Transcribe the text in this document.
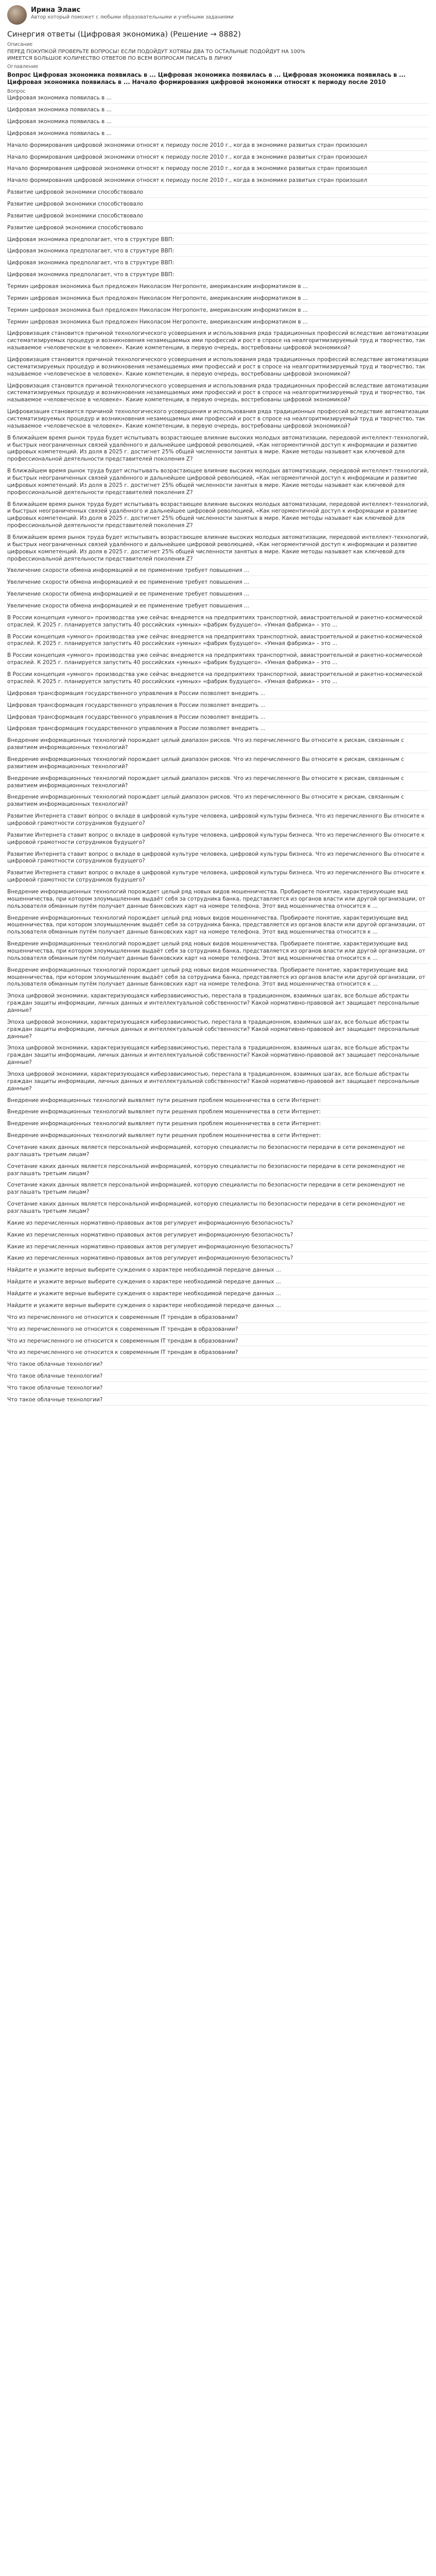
Ирина Элаис
Автор который поможет с любыми образовательными и учебными заданиями
Синергия ответы (Цифровая экономика) (Решение → 8882)
Описание

ПЕРЕД ПОКУПКОЙ ПРОВЕРЬТЕ ВОПРОСЫ! ЕСЛИ ПОДОЙДУТ ХОТЯБЫ ДВА ТО ОСТАЛЬНЫЕ ПОДОЙДУТ НА 100%

ИМЕЕТСЯ БОЛЬШОЕ КОЛИЧЕСТВО ОТВЕТОВ ПО ВСЕМ ВОПРОСАМ ПИСАТЬ В ЛИЧКУ

Оглавление
Вопрос Цифровая экономика появилась в ... Цифровая экономика появилась в ... Цифровая экономика появилась в ... Цифровая экономика появилась в ... Начало формирования цифровой экономики относят к периоду после 2010
Вопрос
Цифровая экономика появилась в ...
Цифровая экономика появилась в ...
Цифровая экономика появилась в ...
Цифровая экономика появилась в ...
Начало формирования цифровой экономики относят к периоду после 2010 г., когда в экономике развитых стран произошел
Начало формирования цифровой экономики относят к периоду после 2010 г., когда в экономике развитых стран произошел
Начало формирования цифровой экономики относят к периоду после 2010 г., когда в экономике развитых стран произошел
Начало формирования цифровой экономики относят к периоду после 2010 г., когда в экономике развитых стран произошел
Развитие цифровой экономики способствовало
Развитие цифровой экономики способствовало
Развитие цифровой экономики способствовало
Развитие цифровой экономики способствовало
Цифровая экономика предполагает, что в структуре ВВП:
Цифровая экономика предполагает, что в структуре ВВП:
Цифровая экономика предполагает, что в структуре ВВП:
Цифровая экономика предполагает, что в структуре ВВП:
Термин цифровая экономика был предложен Николасом Негропонте, американским информатиком в ...
Термин цифровая экономика был предложен Николасом Негропонте, американским информатиком в ...
Термин цифровая экономика был предложен Николасом Негропонте, американским информатиком в ...
Термин цифровая экономика был предложен Николасом Негропонте, американским информатиком в ...
Цифровизация становится причиной технологического усовершения и использования ряда традиционных профессий вследствие автоматизации систематизируемых процедур и возникновения незамещаемых ими профессий и рост в спросе на неалгоритмизируемый труд и творчество, так называемое «человеческое в человеке». Какие компетенции, в первую очередь, востребованы цифровой экономикой?
Цифровизация становится причиной технологического усовершения и использования ряда традиционных профессий вследствие автоматизации систематизируемых процедур и возникновения незамещаемых ими профессий и рост в спросе на неалгоритмизируемый труд и творчество, так называемое «человеческое в человеке». Какие компетенции, в первую очередь, востребованы цифровой экономикой?
Цифровизация становится причиной технологического усовершения и использования ряда традиционных профессий вследствие автоматизации систематизируемых процедур и возникновения незамещаемых ими профессий и рост в спросе на неалгоритмизируемый труд и творчество, так называемое «человеческое в человеке». Какие компетенции, в первую очередь, востребованы цифровой экономикой?
Цифровизация становится причиной технологического усовершения и использования ряда традиционных профессий вследствие автоматизации систематизируемых процедур и возникновения незамещаемых ими профессий и рост в спросе на неалгоритмизируемый труд и творчество, так называемое «человеческое в человеке». Какие компетенции, в первую очередь, востребованы цифровой экономикой?
В ближайшем время рынок труда будет испытывать возрастающее влияние высоких молодых автоматизации, передовой интеллект-технологий, и быстрых неограниченных связей удалённого и дальнейшее цифровой революцией, «Как негорментичной доступ к информации и развитие цифровых компетенций. Из доля в 2025 г. достигнет 25% общей численности занятых в мире. Какие методы называет как ключевой для профессиональной деятельности представителей поколения Z?
В ближайшем время рынок труда будет испытывать возрастающее влияние высоких молодых автоматизации, передовой интеллект-технологий, и быстрых неограниченных связей удалённого и дальнейшее цифровой революцией, «Как негорментичной доступ к информации и развитие цифровых компетенций. Из доля в 2025 г. достигнет 25% общей численности занятых в мире. Какие методы называет как ключевой для профессиональной деятельности представителей поколения Z?
В ближайшем время рынок труда будет испытывать возрастающее влияние высоких молодых автоматизации, передовой интеллект-технологий, и быстрых неограниченных связей удалённого и дальнейшее цифровой революцией, «Как негорментичной доступ к информации и развитие цифровых компетенций. Из доля в 2025 г. достигнет 25% общей численности занятых в мире. Какие методы называет как ключевой для профессиональной деятельности представителей поколения Z?
В ближайшем время рынок труда будет испытывать возрастающее влияние высоких молодых автоматизации, передовой интеллект-технологий, и быстрых неограниченных связей удалённого и дальнейшее цифровой революцией, «Как негорментичной доступ к информации и развитие цифровых компетенций. Из доля в 2025 г. достигнет 25% общей численности занятых в мире. Какие методы называет как ключевой для профессиональной деятельности представителей поколения Z?
Увеличение скорости обмена информацией и ее применение требует повышения ...
Увеличение скорости обмена информацией и ее применение требует повышения ...
Увеличение скорости обмена информацией и ее применение требует повышения ...
Увеличение скорости обмена информацией и ее применение требует повышения ...
В России концепция «умного» производства уже сейчас внедряется на предприятиях транспортной, авиастроительной и ракетно-космической отраслей. К 2025 г. планируется запустить 40 российских «умных» «фабрик будущего». «Умная фабрика» – это ...
В России концепция «умного» производства уже сейчас внедряется на предприятиях транспортной, авиастроительной и ракетно-космической отраслей. К 2025 г. планируется запустить 40 российских «умных» «фабрик будущего». «Умная фабрика» – это ...
В России концепция «умного» производства уже сейчас внедряется на предприятиях транспортной, авиастроительной и ракетно-космической отраслей. К 2025 г. планируется запустить 40 российских «умных» «фабрик будущего». «Умная фабрика» – это ...
В России концепция «умного» производства уже сейчас внедряется на предприятиях транспортной, авиастроительной и ракетно-космической отраслей. К 2025 г. планируется запустить 40 российских «умных» «фабрик будущего». «Умная фабрика» – это ...
Цифровая трансформация государственного управления в России позволяет внедрить ...
Цифровая трансформация государственного управления в России позволяет внедрить ...
Цифровая трансформация государственного управления в России позволяет внедрить ...
Цифровая трансформация государственного управления в России позволяет внедрить ...
Внедрение информационных технологий порождает целый диапазон рисков. Что из перечисленного Вы относите к рискам, связанным с развитием информационных технологий?
Внедрение информационных технологий порождает целый диапазон рисков. Что из перечисленного Вы относите к рискам, связанным с развитием информационных технологий?
Внедрение информационных технологий порождает целый диапазон рисков. Что из перечисленного Вы относите к рискам, связанным с развитием информационных технологий?
Внедрение информационных технологий порождает целый диапазон рисков. Что из перечисленного Вы относите к рискам, связанным с развитием информационных технологий?
Развитие Интернета ставит вопрос о вкладе в цифровой культуре человека, цифровой культуры бизнеса. Что из перечисленного Вы относите к цифровой грамотности сотрудников будущего?
Развитие Интернета ставит вопрос о вкладе в цифровой культуре человека, цифровой культуры бизнеса. Что из перечисленного Вы относите к цифровой грамотности сотрудников будущего?
Развитие Интернета ставит вопрос о вкладе в цифровой культуре человека, цифровой культуры бизнеса. Что из перечисленного Вы относите к цифровой грамотности сотрудников будущего?
Развитие Интернета ставит вопрос о вкладе в цифровой культуре человека, цифровой культуры бизнеса. Что из перечисленного Вы относите к цифровой грамотности сотрудников будущего?
Внедрение информационных технологий порождает целый ряд новых видов мошенничества. Пробираете понятие, характеризующие вид мошенничества, при котором злоумышленник выдаёт себя за сотрудника банка, представляется из органов власти или другой организации, от пользователя обманным путём получает данные банковских карт на номере телефона. Этот вид мошенничества относится к ...
Внедрение информационных технологий порождает целый ряд новых видов мошенничества. Пробираете понятие, характеризующие вид мошенничества, при котором злоумышленник выдаёт себя за сотрудника банка, представляется из органов власти или другой организации, от пользователя обманным путём получает данные банковских карт на номере телефона. Этот вид мошенничества относится к ...
Внедрение информационных технологий порождает целый ряд новых видов мошенничества. Пробираете понятие, характеризующие вид мошенничества, при котором злоумышленник выдаёт себя за сотрудника банка, представляется из органов власти или другой организации, от пользователя обманным путём получает данные банковских карт на номере телефона. Этот вид мошенничества относится к ...
Внедрение информационных технологий порождает целый ряд новых видов мошенничества. Пробираете понятие, характеризующие вид мошенничества, при котором злоумышленник выдаёт себя за сотрудника банка, представляется из органов власти или другой организации, от пользователя обманным путём получает данные банковских карт на номере телефона. Этот вид мошенничества относится к ...
Эпоха цифровой экономики, характеризующаяся киберзависимостью, перестала в традиционном, взаимных шагах, все больше абстракты граждан защиты информации, личных данных и интеллектуальной собственности? Какой нормативно-правовой акт защищает персональные данные?
Эпоха цифровой экономики, характеризующаяся киберзависимостью, перестала в традиционном, взаимных шагах, все больше абстракты граждан защиты информации, личных данных и интеллектуальной собственности? Какой нормативно-правовой акт защищает персональные данные?
Эпоха цифровой экономики, характеризующаяся киберзависимостью, перестала в традиционном, взаимных шагах, все больше абстракты граждан защиты информации, личных данных и интеллектуальной собственности? Какой нормативно-правовой акт защищает персональные данные?
Эпоха цифровой экономики, характеризующаяся киберзависимостью, перестала в традиционном, взаимных шагах, все больше абстракты граждан защиты информации, личных данных и интеллектуальной собственности? Какой нормативно-правовой акт защищает персональные данные?
Внедрение информационных технологий выявляет пути решения проблем мошенничества в сети Интернет:
Внедрение информационных технологий выявляет пути решения проблем мошенничества в сети Интернет:
Внедрение информационных технологий выявляет пути решения проблем мошенничества в сети Интернет:
Внедрение информационных технологий выявляет пути решения проблем мошенничества в сети Интернет:
Сочетание каких данных является персональной информацией, которую специалисты по безопасности передачи в сети рекомендуют не разглашать третьим лицам?
Сочетание каких данных является персональной информацией, которую специалисты по безопасности передачи в сети рекомендуют не разглашать третьим лицам?
Сочетание каких данных является персональной информацией, которую специалисты по безопасности передачи в сети рекомендуют не разглашать третьим лицам?
Сочетание каких данных является персональной информацией, которую специалисты по безопасности передачи в сети рекомендуют не разглашать третьим лицам?
Какие из перечисленных нормативно-правовых актов регулирует информационную безопасность?
Какие из перечисленных нормативно-правовых актов регулирует информационную безопасность?
Какие из перечисленных нормативно-правовых актов регулирует информационную безопасность?
Какие из перечисленных нормативно-правовых актов регулирует информационную безопасность?
Найдите и укажите верные выберите суждения о характере необходимой передаче данных ...
Найдите и укажите верные выберите суждения о характере необходимой передаче данных ...
Найдите и укажите верные выберите суждения о характере необходимой передаче данных ...
Найдите и укажите верные выберите суждения о характере необходимой передаче данных ...
Что из перечисленного не относится к современным IT трендам в образовании?
Что из перечисленного не относится к современным IT трендам в образовании?
Что из перечисленного не относится к современным IT трендам в образовании?
Что из перечисленного не относится к современным IT трендам в образовании?
Что такое облачные технологии?
Что такое облачные технологии?
Что такое облачные технологии?
Что такое облачные технологии?
